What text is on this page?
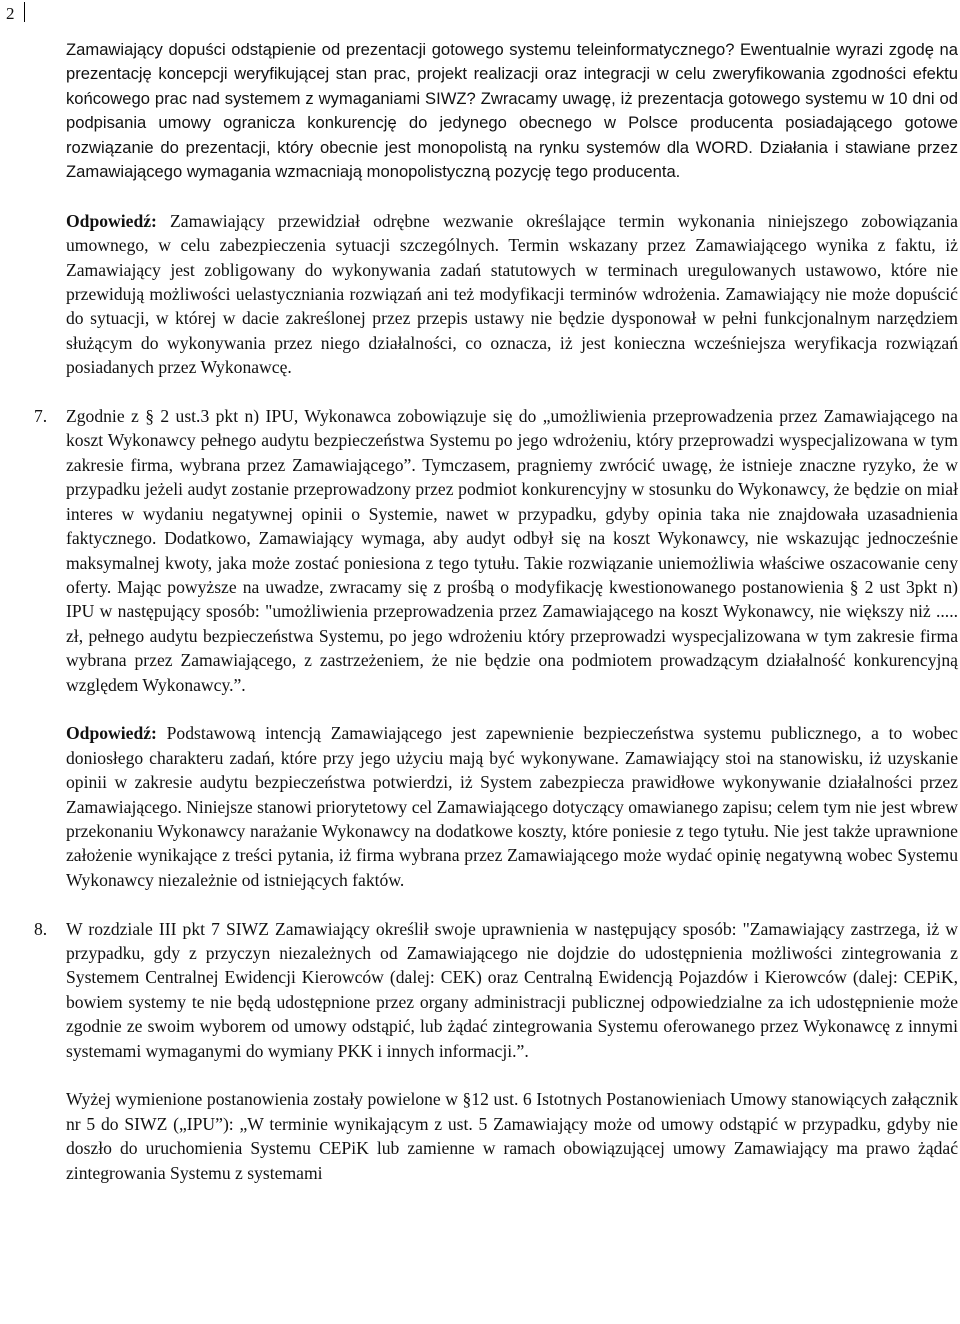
2

Zamawiający dopuści odstąpienie od prezentacji gotowego systemu teleinformatycznego? Ewentualnie wyrazi zgodę na prezentację koncepcji weryfikującej stan prac, projekt realizacji oraz integracji w celu zweryfikowania zgodności efektu końcowego prac nad systemem z wymaganiami SIWZ? Zwracamy uwagę, iż prezentacja gotowego systemu w 10 dni od podpisania umowy ogranicza konkurencję do jedynego obecnego w Polsce producenta posiadającego gotowe rozwiązanie do prezentacji, który obecnie jest monopolistą na rynku systemów dla WORD. Działania i stawiane przez Zamawiającego wymagania wzmacniają monopolistyczną pozycję tego producenta.

Odpowiedź: Zamawiający przewidział odrębne wezwanie określające termin wykonania niniejszego zobowiązania umownego, w celu zabezpieczenia sytuacji szczególnych. Termin wskazany przez Zamawiającego wynika z faktu, iż Zamawiający jest zobligowany do wykonywania zadań statutowych w terminach uregulowanych ustawowo, które nie przewidują możliwości uelastyczniania rozwiązań ani też modyfikacji terminów wdrożenia. Zamawiający nie może dopuścić do sytuacji, w której w dacie zakreślonej przez przepis ustawy nie będzie dysponował w pełni funkcjonalnym narzędziem służącym do wykonywania przez niego działalności, co oznacza, iż jest konieczna wcześniejsza weryfikacja rozwiązań posiadanych przez Wykonawcę.

7. Zgodnie z § 2 ust.3 pkt n) IPU, Wykonawca zobowiązuje się do „umożliwienia przeprowadzenia przez Zamawiającego na koszt Wykonawcy pełnego audytu bezpieczeństwa Systemu po jego wdrożeniu, który przeprowadzi wyspecjalizowana w tym zakresie firma, wybrana przez Zamawiającego”. Tymczasem, pragniemy zwrócić uwagę, że istnieje znaczne ryzyko, że w przypadku jeżeli audyt zostanie przeprowadzony przez podmiot konkurencyjny w stosunku do Wykonawcy, że będzie on miał interes w wydaniu negatywnej opinii o Systemie, nawet w przypadku, gdyby opinia taka nie znajdowała uzasadnienia faktycznego. Dodatkowo, Zamawiający wymaga, aby audyt odbył się na koszt Wykonawcy, nie wskazując jednocześnie maksymalnej kwoty, jaka może zostać poniesiona z tego tytułu. Takie rozwiązanie uniemożliwia właściwe oszacowanie ceny oferty. Mając powyższe na uwadze, zwracamy się z prośbą o modyfikację kwestionowanego postanowienia § 2 ust 3pkt n) IPU w następujący sposób: "umożliwienia przeprowadzenia przez Zamawiającego na koszt Wykonawcy, nie większy niż ..... zł, pełnego audytu bezpieczeństwa Systemu, po jego wdrożeniu który przeprowadzi wyspecjalizowana w tym zakresie firma wybrana przez Zamawiającego, z zastrzeżeniem, że nie będzie ona podmiotem prowadzącym działalność konkurencyjną względem Wykonawcy.”.

Odpowiedź: Podstawową intencją Zamawiającego jest zapewnienie bezpieczeństwa systemu publicznego, a to wobec doniosłego charakteru zadań, które przy jego użyciu mają być wykonywane. Zamawiający stoi na stanowisku, iż uzyskanie opinii w zakresie audytu bezpieczeństwa potwierdzi, iż System zabezpiecza prawidłowe wykonywanie działalności przez Zamawiającego. Niniejsze stanowi priorytetowy cel Zamawiającego dotyczący omawianego zapisu; celem tym nie jest wbrew przekonaniu Wykonawcy narażanie Wykonawcy na dodatkowe koszty, które poniesie z tego tytułu. Nie jest także uprawnione założenie wynikające z treści pytania, iż firma wybrana przez Zamawiającego może wydać opinię negatywną wobec Systemu Wykonawcy niezależnie od istniejących faktów.

8. W rozdziale III pkt 7 SIWZ Zamawiający określił swoje uprawnienia w następujący sposób: "Zamawiający zastrzega, iż w przypadku, gdy z przyczyn niezależnych od Zamawiającego nie dojdzie do udostępnienia możliwości zintegrowania z Systemem Centralnej Ewidencji Kierowców (dalej: CEK) oraz Centralną Ewidencją Pojazdów i Kierowców (dalej: CEPiK, bowiem systemy te nie będą udostępnione przez organy administracji publicznej odpowiedzialne za ich udostępnienie może zgodnie ze swoim wyborem od umowy odstąpić, lub żądać zintegrowania Systemu oferowanego przez Wykonawcę z innymi systemami wymaganymi do wymiany PKK i innych informacji.”.

Wyżej wymienione postanowienia zostały powielone w §12 ust. 6 Istotnych Postanowieniach Umowy stanowiących załącznik nr 5 do SIWZ („IPU”): „W terminie wynikającym z ust. 5 Zamawiający może od umowy odstąpić w przypadku, gdyby nie doszło do uruchomienia Systemu CEPiK lub zamienne w ramach obowiązującej umowy Zamawiający ma prawo żądać zintegrowania Systemu z systemami
